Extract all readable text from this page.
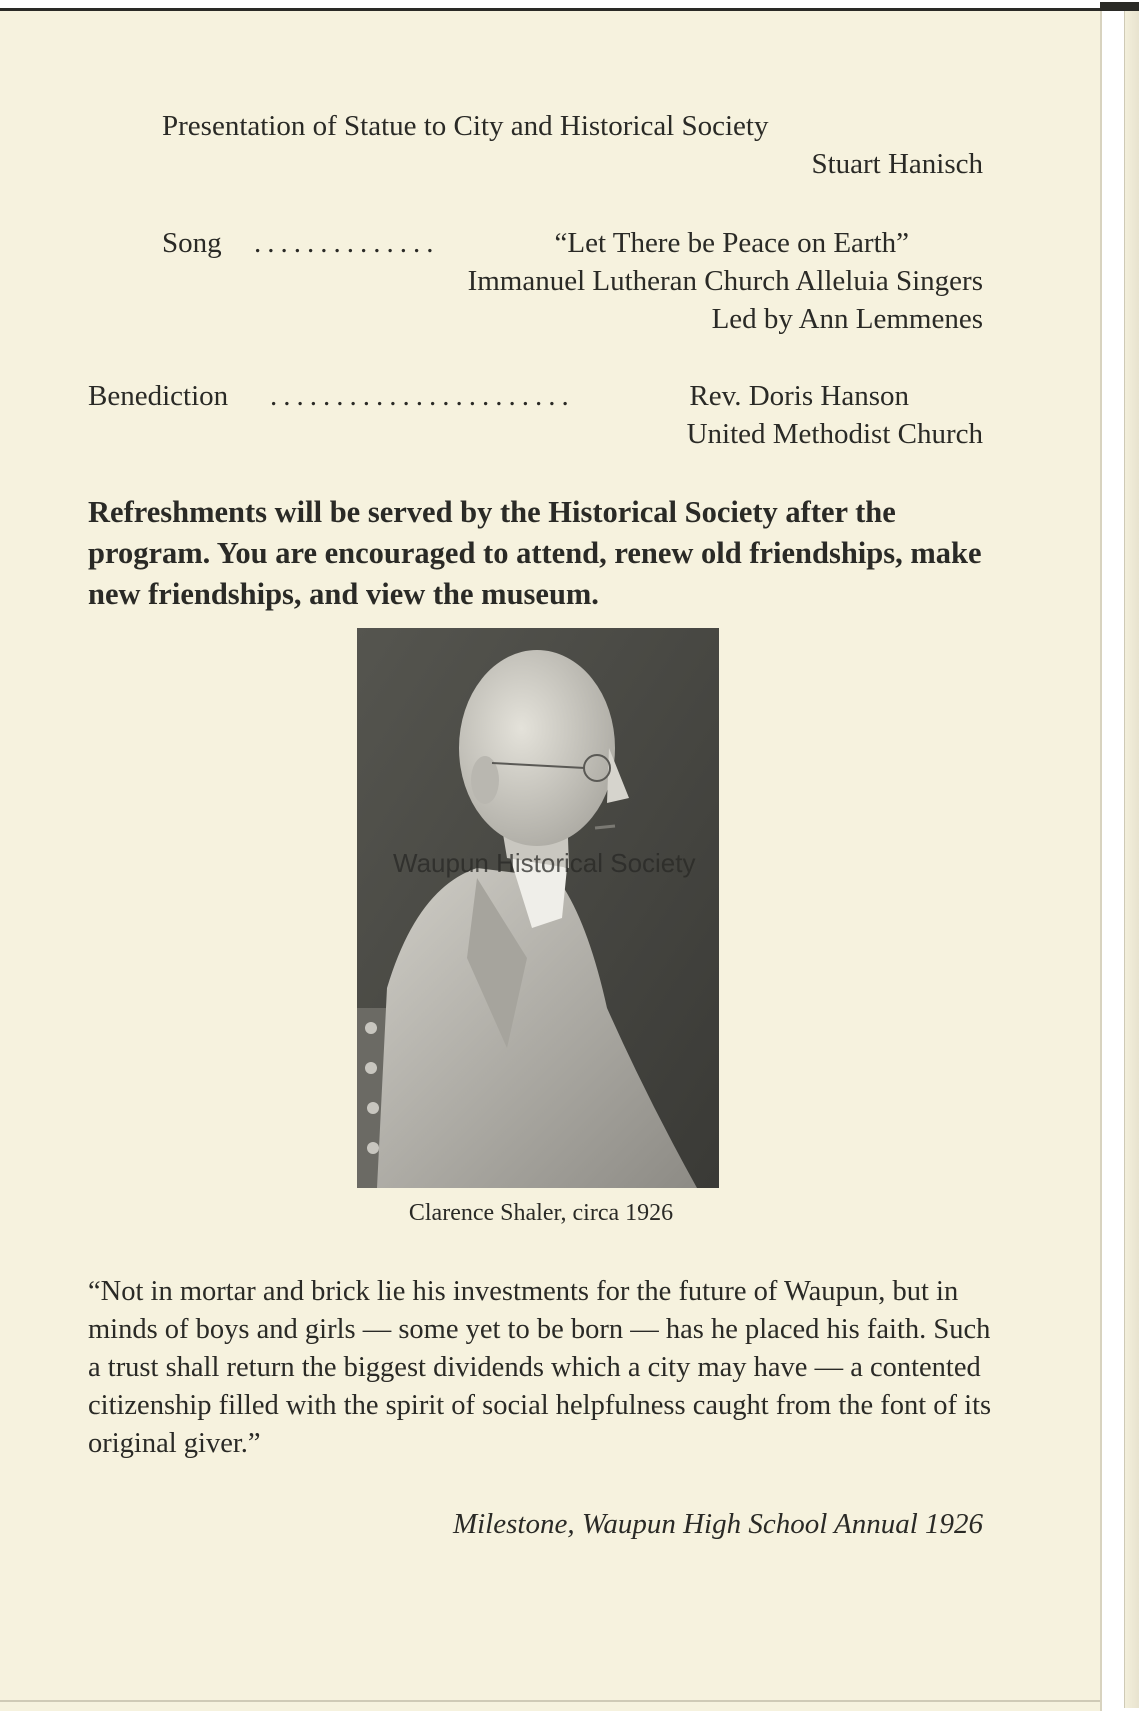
Presentation of Statue to City and Historical Society
Stuart Hanisch
Song ..............	“Let There be Peace on Earth”
Immanuel Lutheran Church Alleluia Singers
Led by Ann Lemmenes
Benediction .......................	Rev. Doris Hanson
United Methodist Church
Refreshments will be served by the Historical Society after the program. You are encouraged to attend, renew old friendships, make new friendships, and view the museum.
Waupun Historical Society
Clarence Shaler, circa 1926
“Not in mortar and brick lie his investments for the future of Waupun, but in minds of boys and girls — some yet to be born — has he placed his faith. Such a trust shall return the biggest dividends which a city may have — a contented citizenship filled with the spirit of social helpfulness caught from the font of its original giver.”
Milestone, Waupun High School Annual 1926
